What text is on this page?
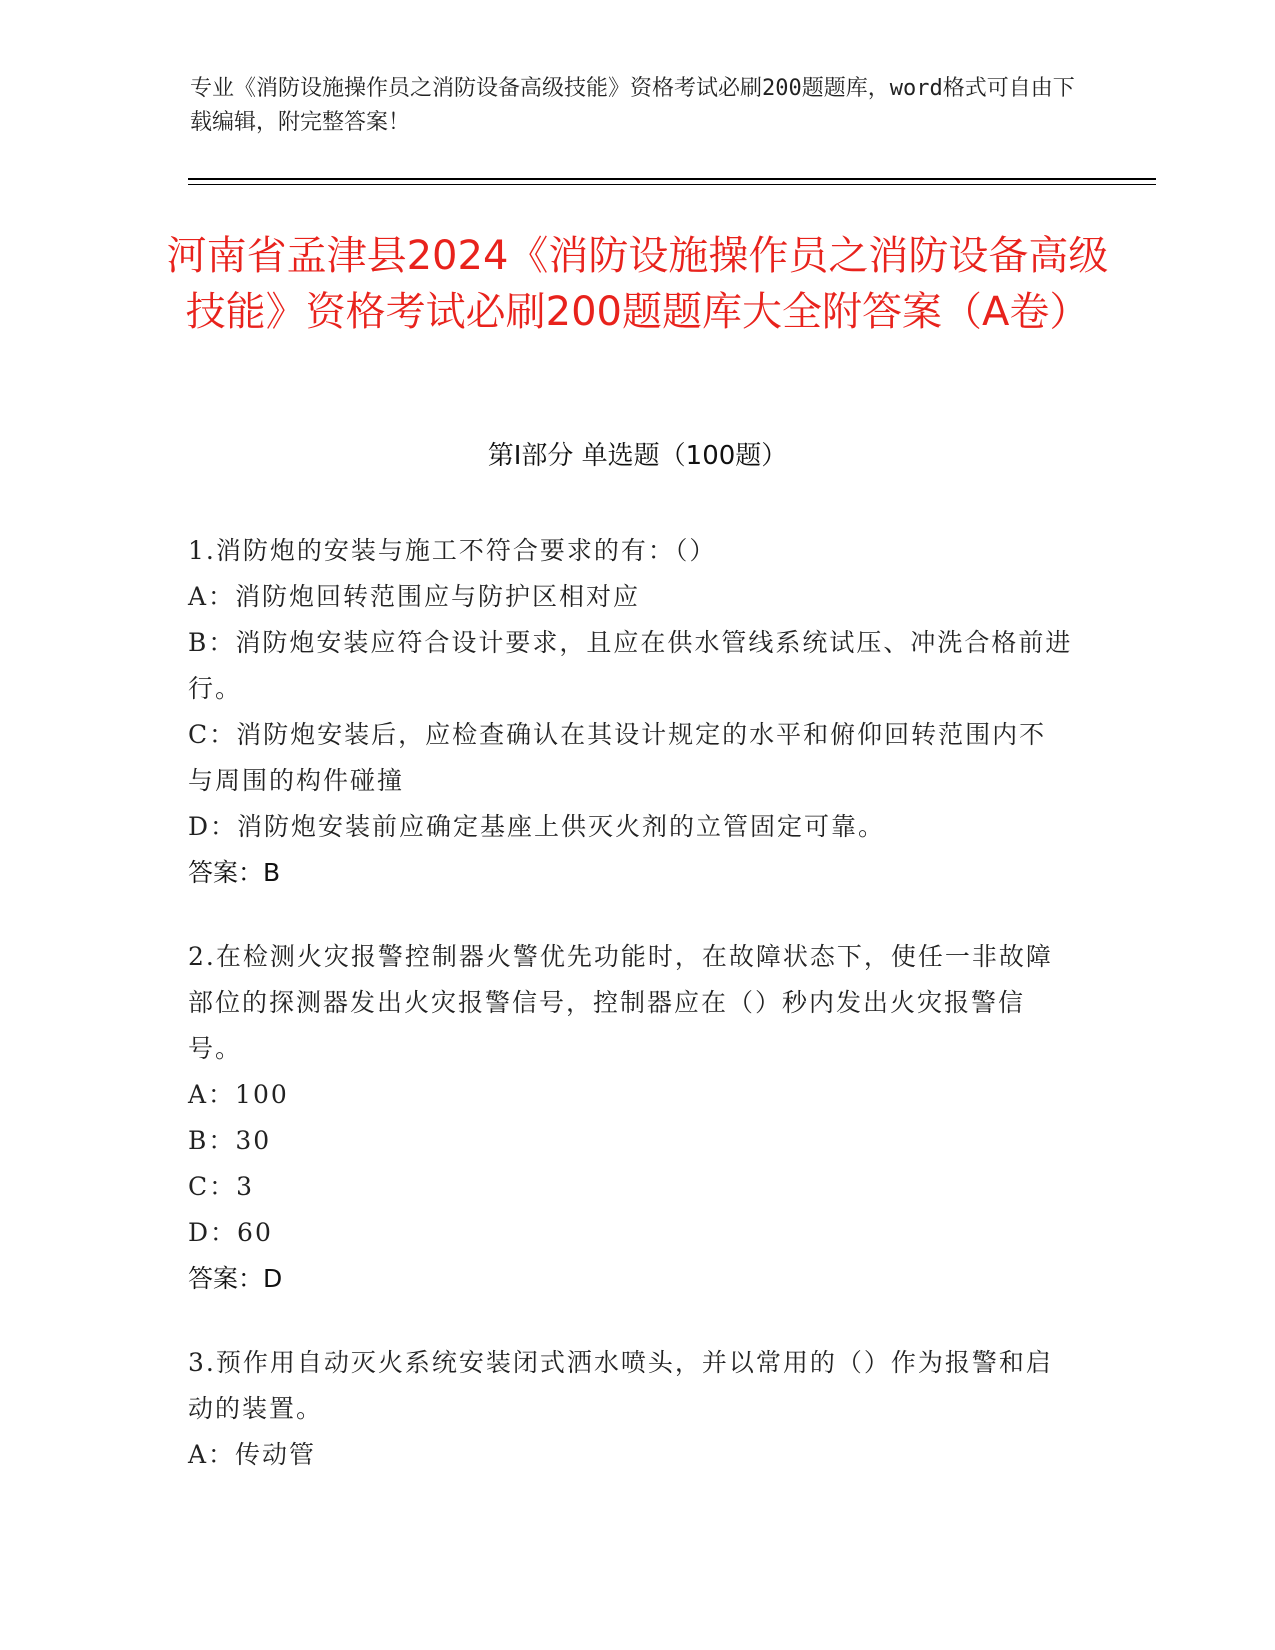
专业《消防设施操作员之消防设备高级技能》资格考试必刷200题题库，word格式可自由下载编辑，附完整答案！
河南省孟津县2024《消防设施操作员之消防设备高级技能》资格考试必刷200题题库大全附答案（A卷）
第Ⅰ部分 单选题（100题）
1.消防炮的安装与施工不符合要求的有：（）
A：消防炮回转范围应与防护区相对应
B：消防炮安装应符合设计要求，且应在供水管线系统试压、冲洗合格前进行。
C：消防炮安装后，应检查确认在其设计规定的水平和俯仰回转范围内不与周围的构件碰撞
D：消防炮安装前应确定基座上供灭火剂的立管固定可靠。
答案：B
2.在检测火灾报警控制器火警优先功能时，在故障状态下，使任一非故障部位的探测器发出火灾报警信号，控制器应在（）秒内发出火灾报警信号。
A：100
B：30
C：3
D：60
答案：D
3.预作用自动灭火系统安装闭式洒水喷头，并以常用的（）作为报警和启动的装置。
A：传动管
